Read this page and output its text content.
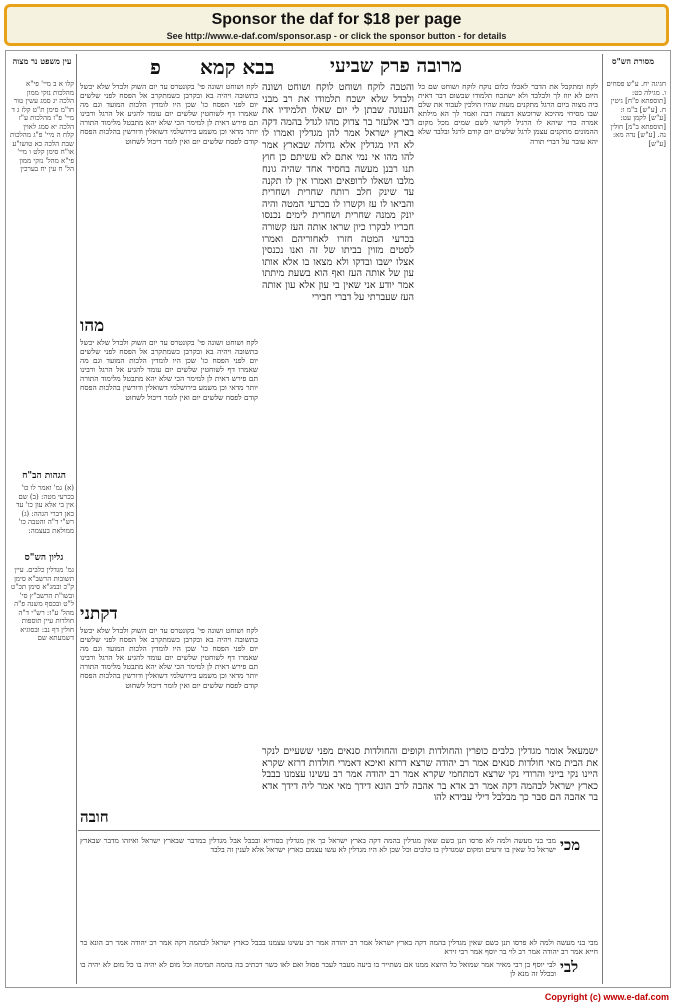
Sponsor the daf for $18 per page
See http://www.e-daf.com/sponsor.asp - or click the sponsor button - for details
בבא קמא	מרובה פרק שביעי
פ
עין משפט נר מצוה	מסורת הש"ס
קלו א ב מיי' פי"א מהלכות נזקי ממון הלכה יג סמג עשין טור חו"מ סימן ת"ט קלז ג ד מיי' פ"ו מהלכות ע"ז הלכה יא סמג לאוין קלח ה מיי' פ"ג מהלכות שבת הלכה כא טושו"ע או"ח סימן קלט ו מיי' פי"א מהל' נזקי ממון הל' ח עין יח בערכין
הגהות הב"ח
(א) גמ' ואמר לו כו' בכרעי מטה: (ב) שם אין בי אלא עון כו' עד כאן דברי הגהה: (ג) רש"י ד"ה והטבה כו' ממולאת בעצמה:
גליון הש"ס
גמ' מגדלין כלבים. עיין תשובות הרשב"א סימן ק"כ ובמג"א סימן תכ"ט ובשו"ת הרשב"ץ סי' ל"ט ובכסף משנה פ"ה מהל' ע"ז: רש"י ד"ה חולדות עיין תוספות חולין דף נב: ובסוגיא דשמעתא שם
חגיגה יח. ע"ש פסחים ו. מגילה כט: [תוספתא פ"ח] גיטין ח. [ע"ש] ב"מ ו: [ע"ש] לקמן עט: [תוספתא ב"מ] חולין נה. [ע"ש] נדה מא: [ע"ש]
לקח ושוחט ושונה פי' בקונטרס עד יום השוק ולבדל שלא יכשל בתשובה ויהיה בא ובקרבן כשמתקרב אל הפסח לפני שלשים יום לפני הפסח כו' שכן היו לומדין הלכות המועד וגם מה שאמרו דף לשוחטין שלשים יום עומד להגיע אל הרגל ורבינו תם פירש דאית לן למימר הכי שלא יהא מתבטל מלימוד התורה יותר מדאי וכן משמע בירושלמי דשואלין ודורשין בהלכות הפסח קודם לפסח שלשים יום ואין לומר דיכול לשחוט
מהו
לקח ושוחט ושונה פי' בקונטרס עד יום השוק ולבדל שלא יכשל בתשובה ויהיה בא ובקרבן כשמתקרב אל הפסח לפני שלשים יום לפני הפסח כו' שכן היו לומדין הלכות המועד וגם מה שאמרו דף לשוחטין שלשים יום עומד להגיע אל הרגל ורבינו תם פירש דאית לן למימר הכי שלא יהא מתבטל מלימוד התורה יותר מדאי וכן משמע בירושלמי דשואלין ודורשין בהלכות הפסח קודם לפסח שלשים יום ואין לומר דיכול לשחוט
דקתני
לקח ושוחט ושונה פי' בקונטרס עד יום השוק ולבדל שלא יכשל בתשובה ויהיה בא ובקרבן כשמתקרב אל הפסח לפני שלשים יום לפני הפסח כו' שכן היו לומדין הלכות המועד וגם מה שאמרו דף לשוחטין שלשים יום עומד להגיע אל הרגל ורבינו תם פירש דאית לן למימר הכי שלא יהא מתבטל מלימוד התורה יותר מדאי וכן משמע בירושלמי דשואלין ודורשין בהלכות הפסח קודם לפסח שלשים יום ואין לומר דיכול לשחוט
חובה
לקח ומתקבל את הדבר לאכלו כלום נוקח לוקח ושוחט שם כל היום לא יזוז לך ולבלבד ולא ישתכח תלמודו שבשום דבר דאית ביה מצוה ביום הרגל מתקנים מעות שהיו הולכין לעבוד את שלם שבו מסיחי מהיכא שרוכשא דמצוה רבה ואמר לך הא מילתא אמרה כדי שיהא לו הרגיל לקדשו לשם שמים מכל מקום ההמונים מתקנים עצמן לרגל שלשים יום קודם לרגל ובלבד שלא יהא עובר על דברי תורה
והטבה לוקח ושוחט לוקח ושוחט ושונה ולבדל שלא ישכח תלמודו את רב מבני הענונה שבתן לי יום שאלו תלמידיו את רבי אלעזר בר צדוק מהו לגדל בהמה דקה בארץ ישראל אמר להן מגדלין ואמרו לו לא היו מגדלין אלא גדולה שבארץ אמר להו מהו אי נמי אתם לא עשיתם כן חוץ
תנו רבנן מעשה בחסיד אחד שהיה גונח מלבו ושאלו לרופאים ואמרו אין לו תקנה עד שינק חלב רותח שחרית ושחרית והביאו לו עז וקשרו לו בכרעי המטה והיה יונק ממנה שחרית ושחרית לימים נכנסו חבריו לבקרו כיון שראו אותה העז קשורה בכרעי המטה חזרו לאחוריהם ואמרו לסטים מזוין בביתו של זה ואנו נכנסין אצלו ישבו ובדקו ולא מצאו בו אלא אותו עון של אותה העז ואף הוא בשעת מיתתו אמר יודע אני שאין בי עון אלא עון אותה העז שעברתי על דברי חבירי
ישמעאל אומר מגדלין כלבים כופרין והחולדות וקופים והחולדות סנאים מפני ששעיים לנקר את הבית מאי חולדות סנאים אמר רב יהודה שרצא דרזא ואיכא דאמרי חולדות דרזא שקרא היינו נקי בייני והרודי נקי שרצא דמתחמי שקרא אמר רב יהודה אמר רב עשינו עצמנו בבבל כארץ ישראל לבהמה דקה אמר רב אדא בר אהבה לרב הונא דידך מאי אמר ליה דידך אדא בר אהבה הם סבר כך מבלבל דילי עבידא להו
מכי
מבי בני מעשה ולמה לא פרסו תנן כשם שאין מגדלין בהמה דקה בארץ ישראל כך אין מגדלין בסוריא ובבבל אבל מגדלין במדבר שבארץ ישראל ואיזהו מדבר שבארץ ישראל כל שאין בו זרעים ומקום שמגדלין בו כלבים וכל שכן לא היו מגדלין לא עשו עצמם כארץ ישראל אלא לענין זה בלבד
מבי בני מעשה ולמה לא פרסו תנן כשם שאין מגדלין בהמה דקה בארץ ישראל אמר רב יהודה אמר רב עשינו עצמנו בבבל כארץ ישראל לבהמה דקה אמר רב יהודה אמר רב הונא בר חייא אמר רב יהודה אמר רב לוי בר יוסף אמר רבי זירא
לבי
לבי יוסף בן רבי מאיר אמר שמואל כל היוצא ממנו אם נשתייר בו ביעה מעבר לעבר פסול ואם לאו כשר דכתיב בה בהמה תמימה וכל מום לא יהיה בו כל מום לא יהיה בו ובכלל זה מנא לן
Copyright (c) www.e-daf.com
